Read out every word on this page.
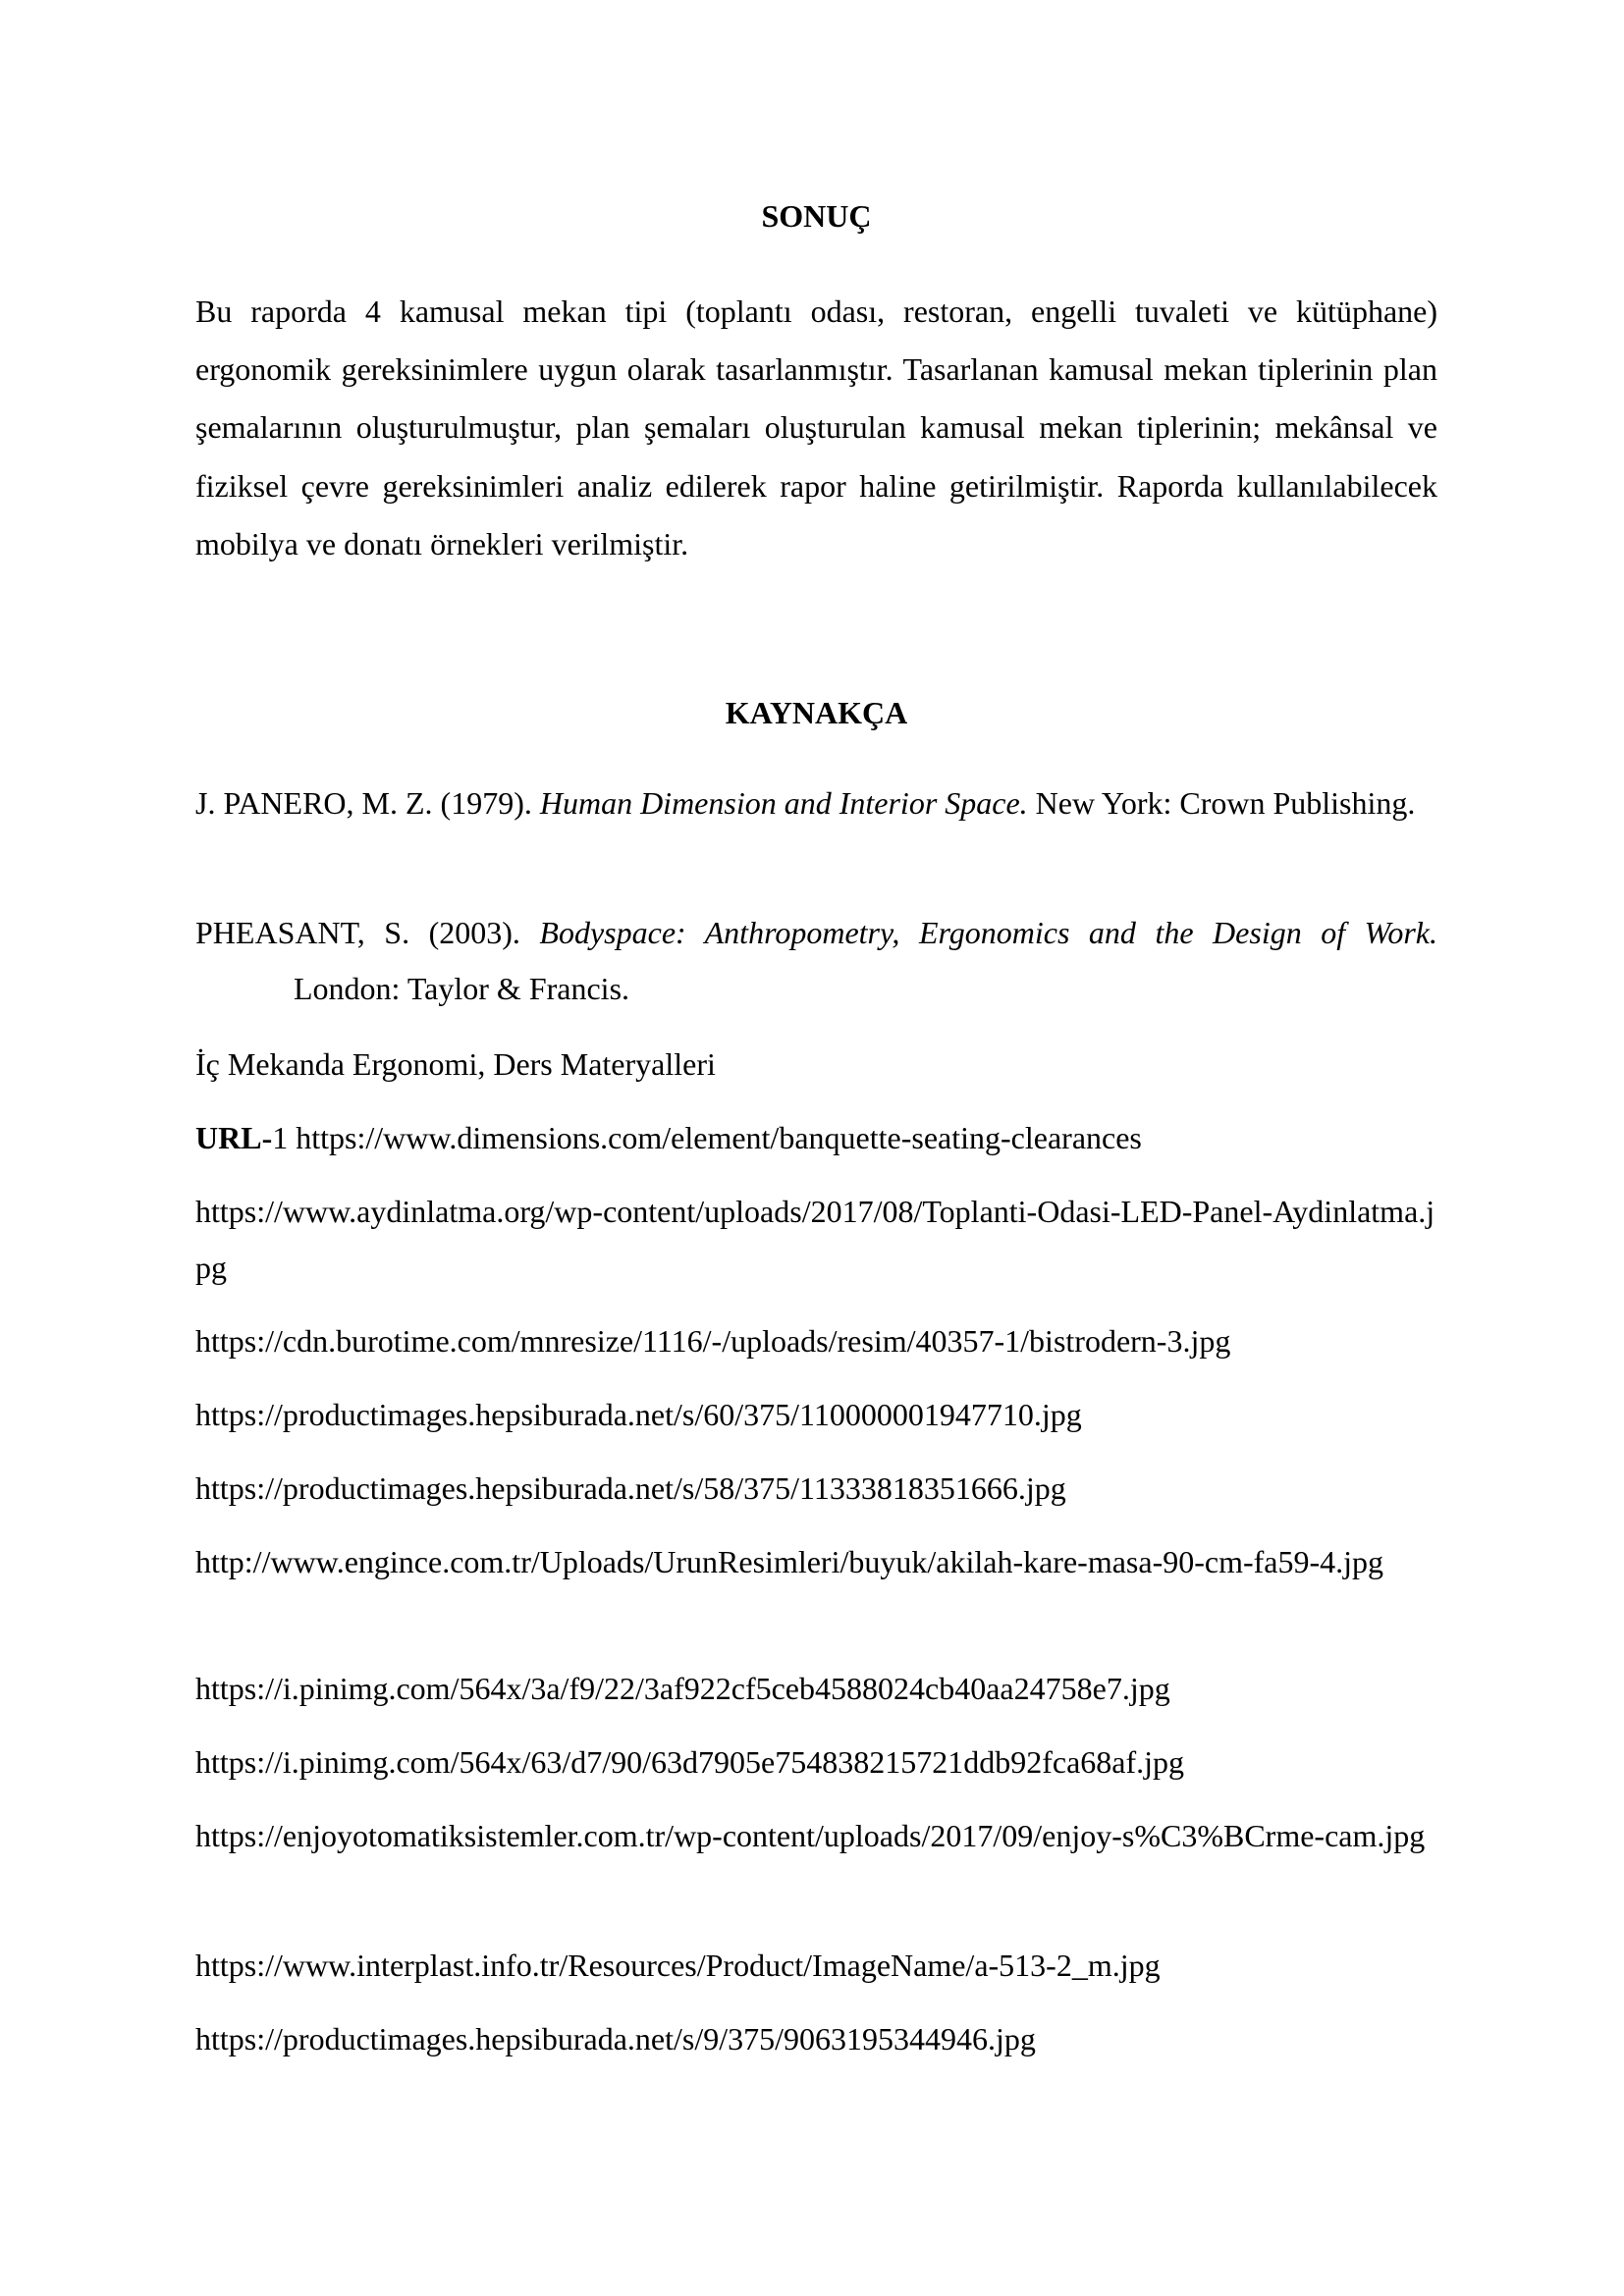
SONUÇ

Bu raporda 4 kamusal mekan tipi (toplantı odası, restoran, engelli tuvaleti ve kütüphane) ergonomik gereksinimlere uygun olarak tasarlanmıştır. Tasarlanan kamusal mekan tiplerinin plan şemalarının oluşturulmuştur, plan şemaları oluşturulan kamusal mekan tiplerinin; mekânsal ve fiziksel çevre gereksinimleri analiz edilerek rapor haline getirilmiştir. Raporda kullanılabilecek mobilya ve donatı örnekleri verilmiştir.

KAYNAKÇA

J. PANERO, M. Z. (1979). Human Dimension and Interior Space. New York: Crown Publishing.

PHEASANT, S. (2003). Bodyspace: Anthropometry, Ergonomics and the Design of Work. London: Taylor & Francis.

İç Mekanda Ergonomi, Ders Materyalleri

URL-1 https://www.dimensions.com/element/banquette-seating-clearances

https://www.aydinlatma.org/wp-content/uploads/2017/08/Toplanti-Odasi-LED-Panel-Aydinlatma.jpg

https://cdn.burotime.com/mnresize/1116/-/uploads/resim/40357-1/bistrodern-3.jpg

https://productimages.hepsiburada.net/s/60/375/110000001947710.jpg

https://productimages.hepsiburada.net/s/58/375/11333818351666.jpg

http://www.engince.com.tr/Uploads/UrunResimleri/buyuk/akilah-kare-masa-90-cm-fa59-4.jpg

https://i.pinimg.com/564x/3a/f9/22/3af922cf5ceb4588024cb40aa24758e7.jpg

https://i.pinimg.com/564x/63/d7/90/63d7905e754838215721ddb92fca68af.jpg

https://enjoyotomatiksistemler.com.tr/wp-content/uploads/2017/09/enjoy-s%C3%BCrme-cam.jpg

https://www.interplast.info.tr/Resources/Product/ImageName/a-513-2_m.jpg

https://productimages.hepsiburada.net/s/9/375/9063195344946.jpg
